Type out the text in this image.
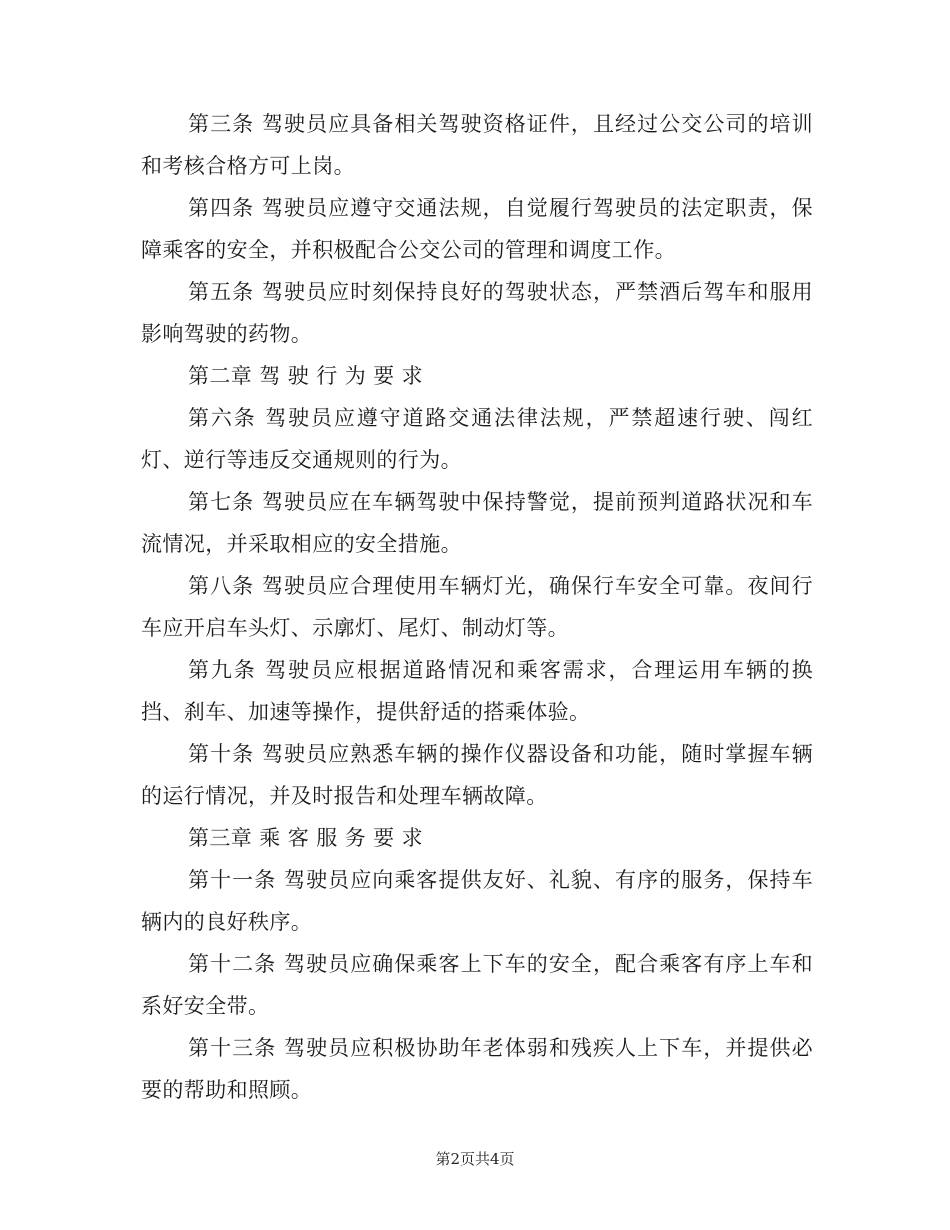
第三条 驾驶员应具备相关驾驶资格证件，且经过公交公司的培训和考核合格方可上岗。

第四条 驾驶员应遵守交通法规，自觉履行驾驶员的法定职责，保障乘客的安全，并积极配合公交公司的管理和调度工作。

第五条 驾驶员应时刻保持良好的驾驶状态，严禁酒后驾车和服用影响驾驶的药物。

第二章 驾 驶 行 为 要 求

第六条 驾驶员应遵守道路交通法律法规，严禁超速行驶、闯红灯、逆行等违反交通规则的行为。

第七条 驾驶员应在车辆驾驶中保持警觉，提前预判道路状况和车流情况，并采取相应的安全措施。

第八条 驾驶员应合理使用车辆灯光，确保行车安全可靠。夜间行车应开启车头灯、示廓灯、尾灯、制动灯等。

第九条 驾驶员应根据道路情况和乘客需求，合理运用车辆的换挡、刹车、加速等操作，提供舒适的搭乘体验。

第十条 驾驶员应熟悉车辆的操作仪器设备和功能，随时掌握车辆的运行情况，并及时报告和处理车辆故障。

第三章 乘 客 服 务 要 求

第十一条 驾驶员应向乘客提供友好、礼貌、有序的服务，保持车辆内的良好秩序。

第十二条 驾驶员应确保乘客上下车的安全，配合乘客有序上车和系好安全带。

第十三条 驾驶员应积极协助年老体弱和残疾人上下车，并提供必要的帮助和照顾。

第2页共4页
